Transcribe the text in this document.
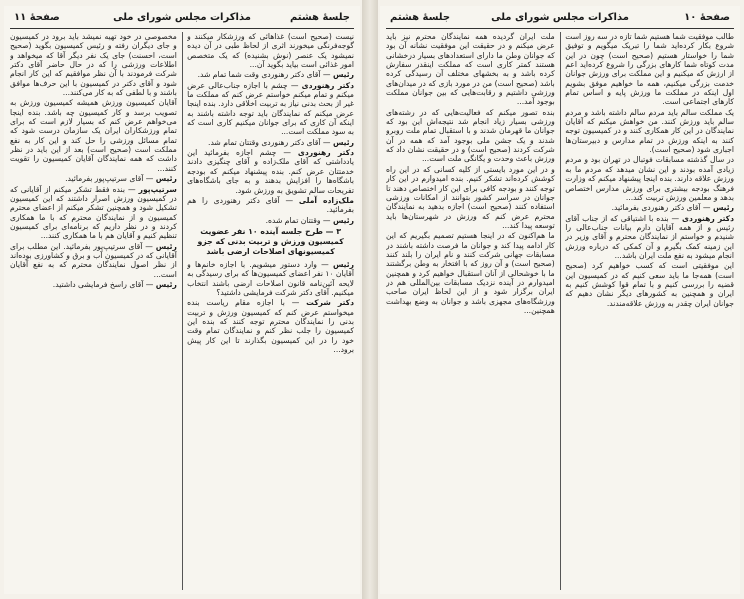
جلسهٔ هشتم
مذاکرات مجلس شورای ملی
صفحهٔ ۱۱

نیست (صحیح است) غذاهائی که ورزشکار میکنند و گوجه‌فرنگی میخورند اثری از لحاظ طبی در آن دیده نمیشود یک عنصر (نوش بشنیده) که یک متخصص امور غذائی است بیاید بگوید آن...

رئیس — آقای دکتر رهنوردی وقت شما تمام شد.

دکتر رهنوردی — چشم با اجازه جناب‌عالی عرض میکنم و تمام میکنم خواستم عرض کنم که مملکت ما غیر از بحث بدنی نیاز به تربیت اخلاقی دارد. بنده اینجا عرض میکنم که نمایندگان باید توجه داشته باشند به اینکه آن کاری که برای جوانان میکنیم کاری است که به سود مملکت است...

رئیس — آقای دکتر رهنوردی وقتتان تمام شد.

دکتر رهنوردی — چشم اجازه بفرمائید این یادداشتی که آقای ملک‌زاده و آقای چنگیزی دادند خدمتتان عرض کنم. بنده پیشنهاد میکنم که بودجه باشگاه‌ها را افزایش بدهند و به جای باشگاه‌های تفریحات سالم تشویق به ورزش شود.

ملک‌زاده آملی — آقای دکتر رهنوردی را هم بفرمائید.

رئیس — وقتتان تمام شده.

۳ — طرح جلسه آینده ۱۰ نفر عضویت کمیسیون ورزش و تربیت بدنی که جزو کمیسیونهای اصلاحات ارضی باشد

رئیس — وارد دستور میشویم. با اجازه خانم‌ها و آقایان ۱۰ نفر اعضای کمیسیون‌ها که برای رسیدگی به لایحه آئین‌نامه قانون اصلاحات ارضی باشند انتخاب میکنیم. آقای دکتر شرکت فرمایشی داشتید؟

دکتر شرکت — با اجازه مقام ریاست بنده میخواستم عرض کنم که کمیسیون ورزش و تربیت بدنی را نمایندگان محترم توجه کنند که بنده این کمیسیون را جلب نظر کنم و نمایندگان تمام وقت خود را در این کمیسیون بگذارند تا این کار پیش برود...

مخصوصی در خود تهیه نمیشد باید برود در کمیسیون و جای دیگران رفته و رئیس کمیسیون بگوید (صحیح است، احسنت) جای یک نفر دیگر آقا که میخواهد و اطلاعات ورزشی را که در حال حاضر آقای دکتر شرکت فرمودند با آن نظر موافقیم که این کار انجام شود و آقای دکتر در کمیسیون با این حرف‌ها موافق باشند و با لطفی که به کار می‌کنند...

آقایان کمیسیون ورزش همیشه کمیسیون ورزش به تصویب برسد و کار کمیسیون چه باشد. بنده اینجا می‌خواهم عرض کنم که بسیار لازم است که برای تمام ورزشکاران ایران یک سازمان درست شود که تمام مسائل ورزشی را حل کند و این کار به نفع مملکت است (صحیح است) بعد از این باید در نظر داشت که همه نمایندگان آقایان کمیسیون را تقویت کنند...

رئیس — آقای سرتیپ‌پور بفرمائید.

سرتیپ‌پور — بنده فقط تشکر میکنم از آقایانی که در کمیسیون ورزش اصرار داشتند که این کمیسیون تشکیل شود و همچنین تشکر میکنم از اعضای محترم کمیسیون و از نمایندگان محترم که با ما همکاری کردند و در نظر داریم که برنامه‌ای برای کمیسیون تنظیم کنیم و آقایان هم با ما همکاری کنند...

رئیس — آقای سرتیپ‌پور بفرمائید. این مطلب برای آقایانی که در کمیسیون آب و برق و کشاورزی بوده‌اند از نظر اصول نمایندگان محترم که به نفع آقایان است...

رئیس — آقای راسخ فرمایشی داشتید.

صفحهٔ ۱۰
مذاکرات مجلس شورای ملی
جلسهٔ هشتم

طالب موفقیت شما هستیم شما تازه در سه روز است شروع بکار کرده‌اید شما را تبریک میگویم و توفیق شما را خواستار هستیم (صحیح است) چون در این مدت کوتاه شما کارهای بزرگی را شروع کرده‌اید اعم از ارزش که میکنیم و این مملکت برای ورزش جوانان خدمت بزرگی میکنیم، همه ما خواهیم موفق بشویم اول اینکه در مملکت ما ورزش پایه و اساس تمام کارهای اجتماعی است.

یک مملکت سالم باید مردم سالم داشته باشد و مردم سالم باید ورزش کنند. من خواهش میکنم که آقایان نمایندگان در این کار همکاری کنند و در کمیسیون توجه کنند به اینکه ورزش در تمام مدارس و دبیرستان‌ها اجباری شود (صحیح است).

در سال گذشته مسابقات فوتبال در تهران بود و مردم زیادی آمده بودند و این نشان میدهد که مردم ما به ورزش علاقه دارند. بنده اینجا پیشنهاد میکنم که وزارت فرهنگ بودجه بیشتری برای ورزش مدارس اختصاص بدهد و معلمین ورزش تربیت کند...

رئیس — آقای دکتر رهنوردی بفرمائید.

دکتر رهنوردی — بنده با اشتیاقی که از جناب آقای رئیس و از همه آقایان دارم بیانات جناب‌عالی را شنیدم و خواستم از نمایندگان محترم و آقای وزیر در این زمینه کمک بگیرم و آن کمکی که درباره ورزش انجام میشود به نفع ملت ایران باشد...

این موفقیتی است که کسب خواهیم کرد (صحیح است) همه‌جا ما باید سعی کنیم که در کمیسیون این قضیه را بررسی کنیم و با تمام قوا کوشش کنیم به ایران و همچنین به کشورهای دیگر نشان دهیم که جوانان ایران چقدر به ورزش علاقه‌مندند.

ملت ایران گردیده همه نمایندگان محترم نیز باید عرض میکنم و در حقیقت این موفقیت نشانه آن بود که جوانان وطن ما دارای استعدادهای بسیار درخشانی هستند کمتر کاری است که مملکت اینقدر سفارش کرده باشد و به بخشهای مختلف آن رسیدگی کرده باشد (صحیح است) من در مورد بازی که در میدان‌های ورزشی داشتیم و رقابت‌هایی که بین جوانان مملکت بوجود آمد...

بنده تصور میکنم که فعالیت‌هایی که در رشته‌های ورزشی بسیار زیاد انجام شد نتیجه‌اش این بود که جوانان ما قهرمان شدند و با استقبال تمام ملت روبرو شدند و یک جشن ملی بوجود آمد که همه در آن شرکت کردند (صحیح است) و در حقیقت نشان داد که ورزش باعث وحدت و یگانگی ملت است...

و در این مورد بایستی از کلیه کسانی که در این راه کوشش کرده‌اند تشکر کنیم. بنده امیدوارم در این کار توجه کنند و بودجه کافی برای این کار اختصاص دهند تا جوانان در سراسر کشور بتوانند از امکانات ورزشی استفاده کنند (صحیح است) اجازه بدهید به نمایندگان محترم عرض کنم که ورزش در شهرستان‌ها باید توسعه پیدا کند...

ما هم‌اکنون که در اینجا هستیم تصمیم بگیریم که این کار ادامه پیدا کند و جوانان ما فرصت داشته باشند در مسابقات جهانی شرکت کنند و نام ایران را بلند کنند (صحیح است) و آن روز که با افتخار به وطن برگشتند ما با خوشحالی از آنان استقبال خواهیم کرد و همچنین امیدوارم در آینده نزدیک مسابقات بین‌المللی هم در ایران برگزار شود و از این لحاظ ایران صاحب ورزشگاه‌های مجهزی باشد و جوانان به وضع بهداشت همچنین...
